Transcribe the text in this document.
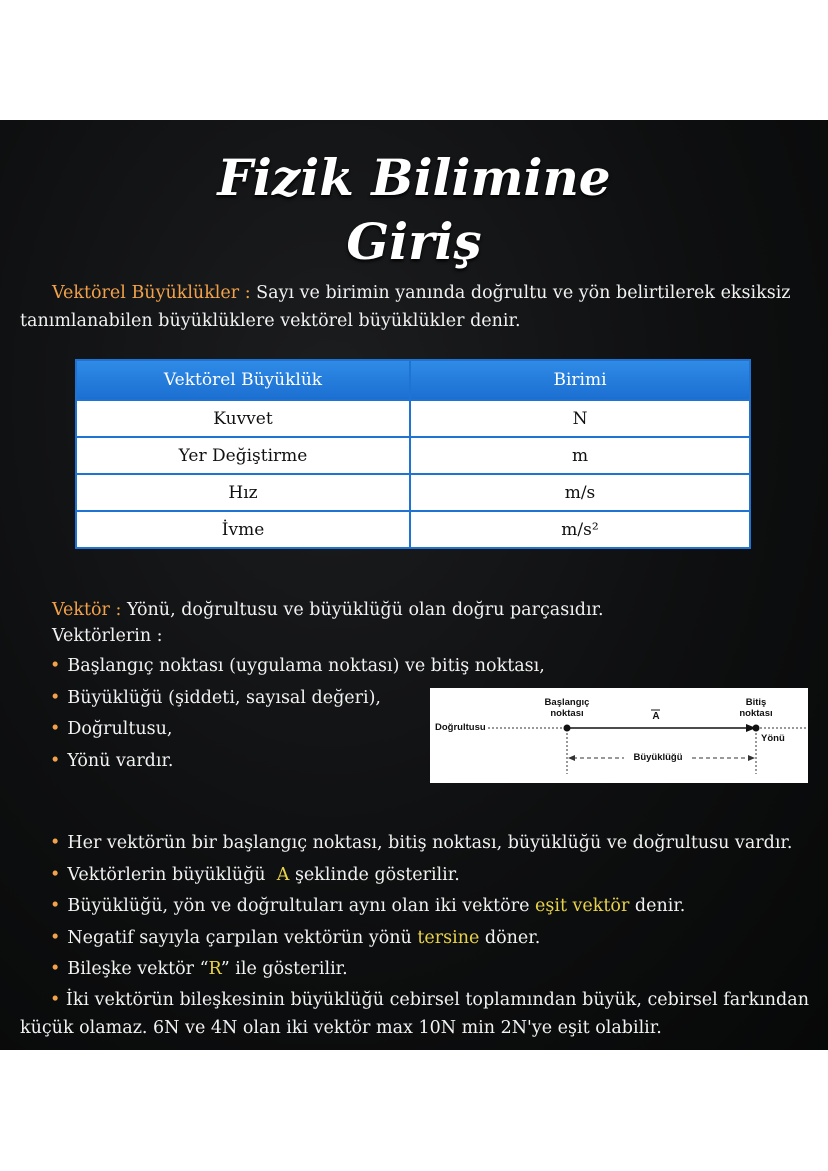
Fizik Bilimine
Giriş
Vektörel Büyüklükler : Sayı ve birimin yanında doğrultu ve yön belirtilerek eksiksiz tanımlanabilen büyüklüklere vektörel büyüklükler denir.
Vektörel Büyüklük	Birimi
Kuvvet	N
Yer Değiştirme	m
Hız	m/s
İvme	m/s²
Vektör : Yönü, doğrultusu ve büyüklüğü olan doğru parçasıdır.
Vektörlerin :
• Başlangıç noktası (uygulama noktası) ve bitiş noktası,
• Büyüklüğü (şiddeti, sayısal değeri),
• Doğrultusu,
• Yönü vardır.
Başlangıç
noktası	A
Bitiş
noktası
Doğrultusu
Yönü
Büyüklüğü
• Her vektörün bir başlangıç noktası, bitiş noktası, büyüklüğü ve doğrultusu vardır.
• Vektörlerin büyüklüğü A şeklinde gösterilir.
• Büyüklüğü, yön ve doğrultuları aynı olan iki vektöre eşit vektör denir.
• Negatif sayıyla çarpılan vektörün yönü tersine döner.
• Bileşke vektör “R” ile gösterilir.
• İki vektörün bileşkesinin büyüklüğü cebirsel toplamından büyük, cebirsel farkından küçük olamaz. 6N ve 4N olan iki vektör max 10N min 2N'ye eşit olabilir.
